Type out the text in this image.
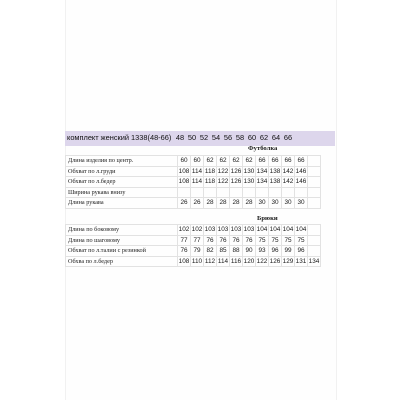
комплект женский 1338(48-66) 48 50 52 54 56 58 60 62 64 66
Футболка
Длина изделия по центр.	60	60	62	62	62	62	66	66	66	66	
Обхват по л.груди	108	114	118	122	126	130	134	138	142	146	
Обхват по л.бедер	108	114	118	122	126	130	134	138	142	146	
Ширина рукава внизу											
Длина рукава	26	26	28	28	28	28	30	30	30	30	
Брюки
Длина по боковому	102	102	103	103	103	103	104	104	104	104	
Длина по шаговому	77	77	76	76	76	76	75	75	75	75	
Обхват по л.талии с резинкой	76	79	82	85	88	90	93	96	99	96	
Обхва по л.бедер	108	110	112	114	116	120	122	126	129	131	134
